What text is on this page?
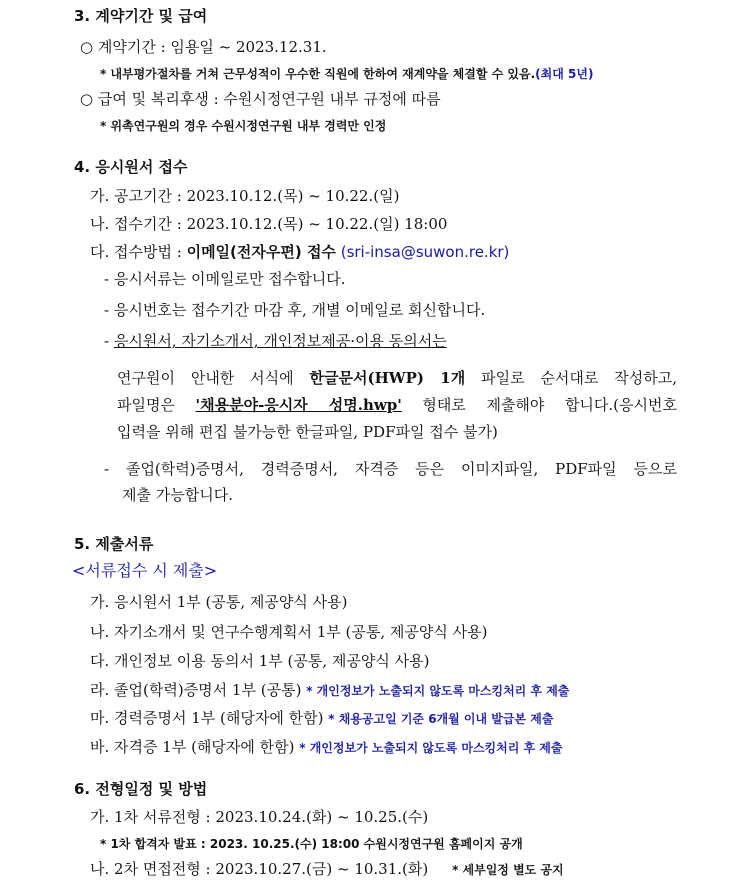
3. 계약기간 및 급여
○ 계약기간 : 임용일 ~ 2023.12.31.
* 내부평가절차를 거쳐 근무성적이 우수한 직원에 한하여 재계약을 체결할 수 있음.(최대 5년)
○ 급여 및 복리후생 : 수원시정연구원 내부 규정에 따름
* 위촉연구원의 경우 수원시정연구원 내부 경력만 인정
4. 응시원서 접수
가. 공고기간 : 2023.10.12.(목) ~ 10.22.(일)
나. 접수기간 : 2023.10.12.(목) ~ 10.22.(일) 18:00
다. 접수방법 : 이메일(전자우편) 접수 (sri-insa@suwon.re.kr)
- 응시서류는 이메일로만 접수합니다.
- 응시번호는 접수기간 마감 후, 개별 이메일로 회신합니다.
- 응시원서, 자기소개서, 개인정보제공·이용 동의서는
연구원이 안내한 서식에 한글문서(HWP) 1개 파일로 순서대로 작성하고,
파일명은 '채용분야-응시자 성명.hwp' 형태로 제출해야 합니다.(응시번호
입력을 위해 편집 불가능한 한글파일, PDF파일 접수 불가)
- 졸업(학력)증명서, 경력증명서, 자격증 등은 이미지파일, PDF파일 등으로
제출 가능합니다.
5. 제출서류
<서류접수 시 제출>
가. 응시원서 1부 (공통, 제공양식 사용)
나. 자기소개서 및 연구수행계획서 1부 (공통, 제공양식 사용)
다. 개인정보 이용 동의서 1부 (공통, 제공양식 사용)
라. 졸업(학력)증명서 1부 (공통) * 개인정보가 노출되지 않도록 마스킹처리 후 제출
마. 경력증명서 1부 (해당자에 한함) * 채용공고일 기준 6개월 이내 발급본 제출
바. 자격증 1부 (해당자에 한함) * 개인정보가 노출되지 않도록 마스킹처리 후 제출
6. 전형일정 및 방법
가. 1차 서류전형 : 2023.10.24.(화) ~ 10.25.(수)
* 1차 합격자 발표 : 2023. 10.25.(수) 18:00 수원시정연구원 홈페이지 공개
나. 2차 면접전형 : 2023.10.27.(금) ~ 10.31.(화) * 세부일정 별도 공지
